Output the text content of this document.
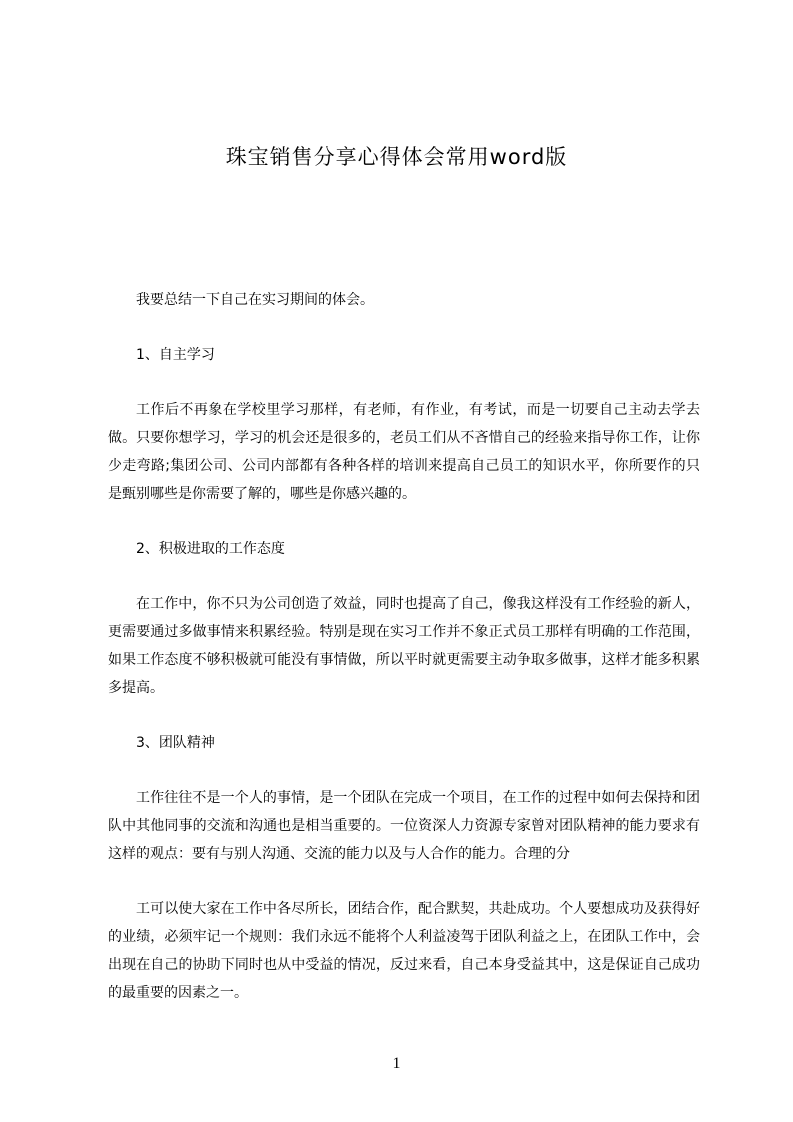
珠宝销售分享心得体会常用word版

我要总结一下自己在实习期间的体会。

1、自主学习

工作后不再象在学校里学习那样，有老师，有作业，有考试，而是一切要自己主动去学去做。只要你想学习，学习的机会还是很多的，老员工们从不吝惜自己的经验来指导你工作，让你少走弯路;集团公司、公司内部都有各种各样的培训来提高自己员工的知识水平，你所要作的只是甄别哪些是你需要了解的，哪些是你感兴趣的。

2、积极进取的工作态度

在工作中，你不只为公司创造了效益，同时也提高了自己，像我这样没有工作经验的新人，更需要通过多做事情来积累经验。特别是现在实习工作并不象正式员工那样有明确的工作范围，如果工作态度不够积极就可能没有事情做，所以平时就更需要主动争取多做事，这样才能多积累多提高。

3、团队精神

工作往往不是一个人的事情，是一个团队在完成一个项目，在工作的过程中如何去保持和团队中其他同事的交流和沟通也是相当重要的。一位资深人力资源专家曾对团队精神的能力要求有这样的观点：要有与别人沟通、交流的能力以及与人合作的能力。合理的分

工可以使大家在工作中各尽所长，团结合作，配合默契，共赴成功。个人要想成功及获得好的业绩，必须牢记一个规则：我们永远不能将个人利益凌驾于团队利益之上，在团队工作中，会出现在自己的协助下同时也从中受益的情况，反过来看，自己本身受益其中，这是保证自己成功的最重要的因素之一。

1
